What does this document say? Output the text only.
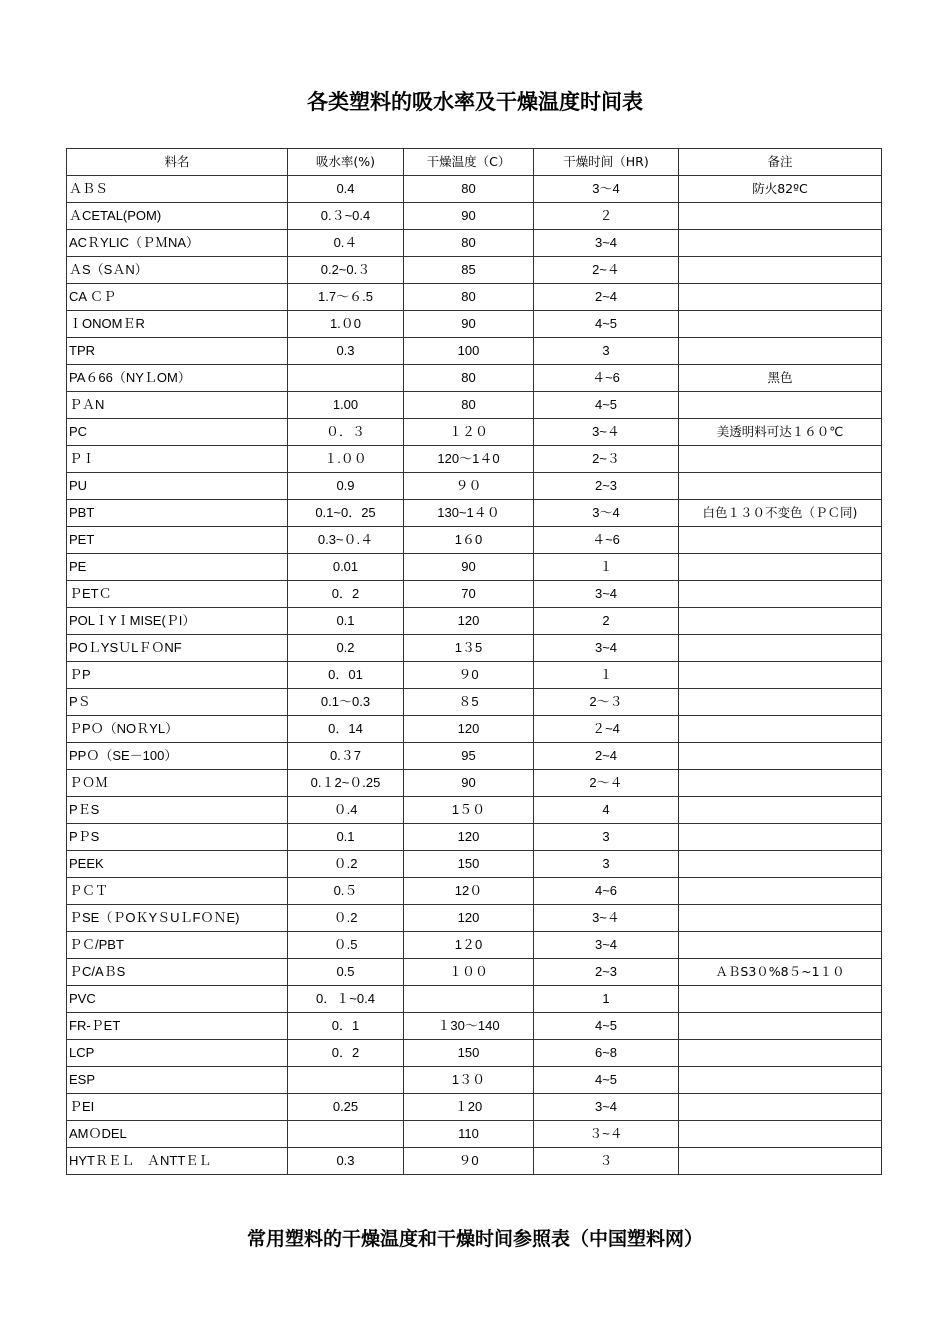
各类塑料的吸水率及干燥温度时间表
料名	吸水率(%)	干燥温度（C）	干燥时间（HR)	备注
ＡＢＳ	0.4	80	3～4	防火82ºC
ＡCETAL(POM)	0.３~0.4	90	２	
ACＲYLIC（ＰＭNA）	0.４	80	3~4	
ＡS（SＡN）	0.2~0.３	85	2~４	
CA ＣＰ	1.7～６.5	80	2~4	
ＩONOMＥR	1.０0	90	4~5	
TPR	0.3	100	3	
PA６66（NYＬOM）		80	４~6	黑色
ＰＡN	1.00	80	4~5	
PC	０．３	１２０	3~４	美透明料可达１６０℃
ＰＩ	１.００	120～1４0	2~３	
PU	0.9	９０	2~3	
PBT	0.1~0．25	130~1４０	3～4	白色１３０不变色（ＰＣ同)
PET	0.3~０.４	1６0	４~6	
PE	0.01	90	１	
ＰETＣ	0．2	70	3~4	
POLＩYＩMISE(ＰI）	0.1	120	2	
POＬYSＵLＦＯNF	0.2	1３5	3~4	
ＰP	0．01	９0	１	
PＳ	0.1～0.3	８5	2～３	
ＰPＯ（NOＲYL）	0．14	120	２~4	
PPＯ（SE－100）	0.３7	95	2~4	
ＰＯＭ	0.１2~０.25	90	2～４	
PＥS	０.4	1５０	4	
PＰS	0.1	120	3	
PEEK	０.2	150	3	
ＰＣＴ	0.５	12０	4~6	
ＰSE（ＰOＫYＳUＬFＯＮE)	０.2	120	3~４	
ＰＣ/PBT	０.5	1２0	3~4	
ＰC/AＢS	0.5	１００	2~3	ＡＢS3０%8５~1１０
PVC	0．１~0.4		1	
FR-ＰET	0．1	１30～140	4~5	
LCP	0．2	150	6~8	
ESP		1３０	4~5	
ＰEI	0.25	１20	3~4	
AMＯDEL		110	３~４	
HYTＲＥＬ　ＡNTTＥＬ	0.3	９0	３	
常用塑料的干燥温度和干燥时间参照表（中国塑料网）
